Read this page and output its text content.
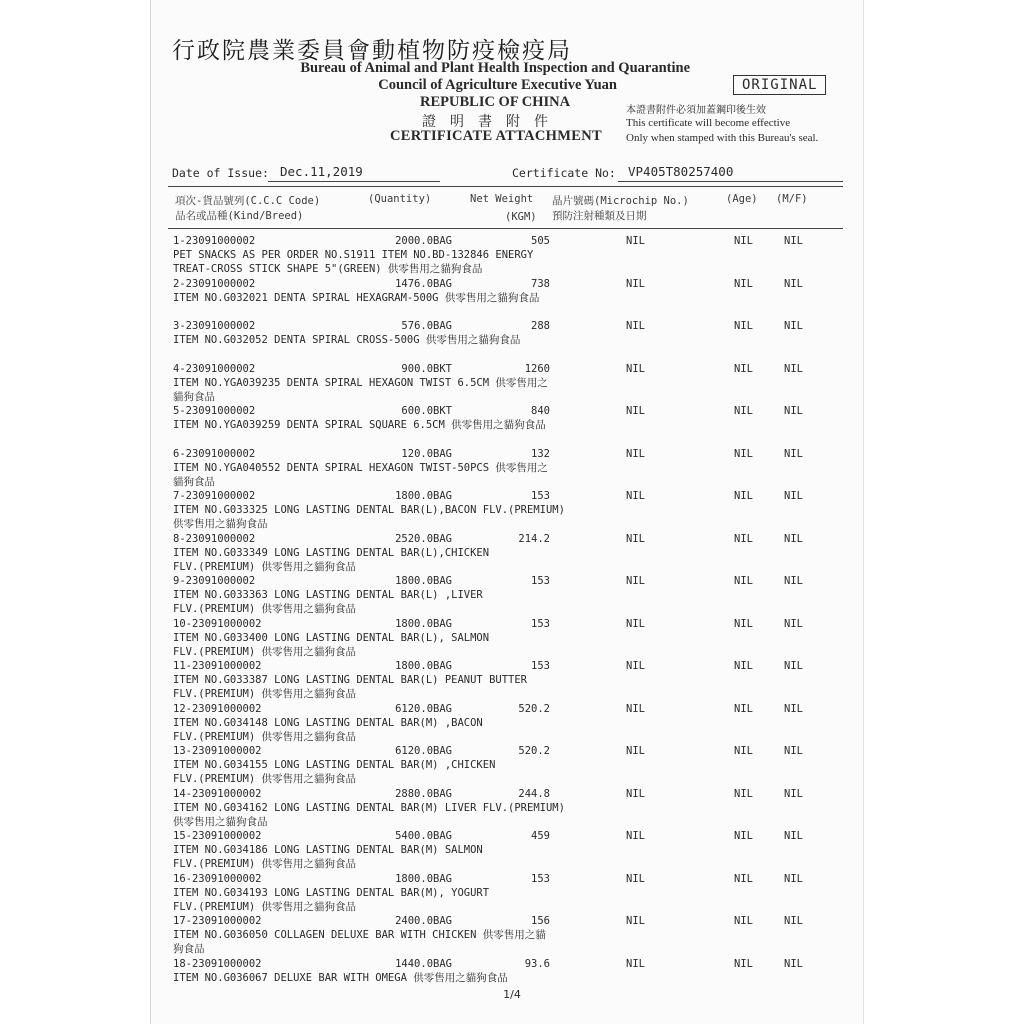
行政院農業委員會動植物防疫檢疫局
Bureau of Animal and Plant Health Inspection and Quarantine
Council of Agriculture Executive Yuan
REPUBLIC OF CHINA
證明書附件
CERTIFICATE ATTACHMENT
ORIGINAL
本證書附件必須加蓋鋼印後生效
This certificate will become effective
Only when stamped with this Bureau's seal.
Date of Issue: Dec.11,2019	Certificate No: VP405T80257400
項次-貨品號列(C.C.C Code)
品名或品種(Kind/Breed)
(Quantity)	Net Weight
(KGM)
晶片號碼(Microchip No.)
預防注射種類及日期
(Age) (M/F)
1-23091000002	2000.0BAG	505	NIL	NIL	NIL
PET SNACKS AS PER ORDER NO.S1911 ITEM NO.BD-132846 ENERGY
TREAT-CROSS STICK SHAPE 5"(GREEN) 供零售用之貓狗食品
2-23091000002	1476.0BAG	738	NIL	NIL	NIL
ITEM NO.G032021 DENTA SPIRAL HEXAGRAM-500G 供零售用之貓狗食品
3-23091000002	576.0BAG	288	NIL	NIL	NIL
ITEM NO.G032052 DENTA SPIRAL CROSS-500G 供零售用之貓狗食品
4-23091000002	900.0BKT	1260	NIL	NIL	NIL
ITEM NO.YGA039235 DENTA SPIRAL HEXAGON TWIST 6.5CM 供零售用之
貓狗食品
5-23091000002	600.0BKT	840	NIL	NIL	NIL
ITEM NO.YGA039259 DENTA SPIRAL SQUARE 6.5CM 供零售用之貓狗食品
6-23091000002	120.0BAG	132	NIL	NIL	NIL
ITEM NO.YGA040552 DENTA SPIRAL HEXAGON TWIST-50PCS 供零售用之
貓狗食品
7-23091000002	1800.0BAG	153	NIL	NIL	NIL
ITEM NO.G033325 LONG LASTING DENTAL BAR(L),BACON FLV.(PREMIUM)
供零售用之貓狗食品
8-23091000002	2520.0BAG	214.2	NIL	NIL	NIL
ITEM NO.G033349 LONG LASTING DENTAL BAR(L),CHICKEN
FLV.(PREMIUM) 供零售用之貓狗食品
9-23091000002	1800.0BAG	153	NIL	NIL	NIL
ITEM NO.G033363 LONG LASTING DENTAL BAR(L) ,LIVER
FLV.(PREMIUM) 供零售用之貓狗食品
10-23091000002	1800.0BAG	153	NIL	NIL	NIL
ITEM NO.G033400 LONG LASTING DENTAL BAR(L), SALMON
FLV.(PREMIUM) 供零售用之貓狗食品
11-23091000002	1800.0BAG	153	NIL	NIL	NIL
ITEM NO.G033387 LONG LASTING DENTAL BAR(L) PEANUT BUTTER
FLV.(PREMIUM) 供零售用之貓狗食品
12-23091000002	6120.0BAG	520.2	NIL	NIL	NIL
ITEM NO.G034148 LONG LASTING DENTAL BAR(M) ,BACON
FLV.(PREMIUM) 供零售用之貓狗食品
13-23091000002	6120.0BAG	520.2	NIL	NIL	NIL
ITEM NO.G034155 LONG LASTING DENTAL BAR(M) ,CHICKEN
FLV.(PREMIUM) 供零售用之貓狗食品
14-23091000002	2880.0BAG	244.8	NIL	NIL	NIL
ITEM NO.G034162 LONG LASTING DENTAL BAR(M) LIVER FLV.(PREMIUM)
供零售用之貓狗食品
15-23091000002	5400.0BAG	459	NIL	NIL	NIL
ITEM NO.G034186 LONG LASTING DENTAL BAR(M) SALMON
FLV.(PREMIUM) 供零售用之貓狗食品
16-23091000002	1800.0BAG	153	NIL	NIL	NIL
ITEM NO.G034193 LONG LASTING DENTAL BAR(M), YOGURT
FLV.(PREMIUM) 供零售用之貓狗食品
17-23091000002	2400.0BAG	156	NIL	NIL	NIL
ITEM NO.G036050 COLLAGEN DELUXE BAR WITH CHICKEN 供零售用之貓
狗食品
18-23091000002	1440.0BAG	93.6	NIL	NIL	NIL
ITEM NO.G036067 DELUXE BAR WITH OMEGA 供零售用之貓狗食品
1/4
